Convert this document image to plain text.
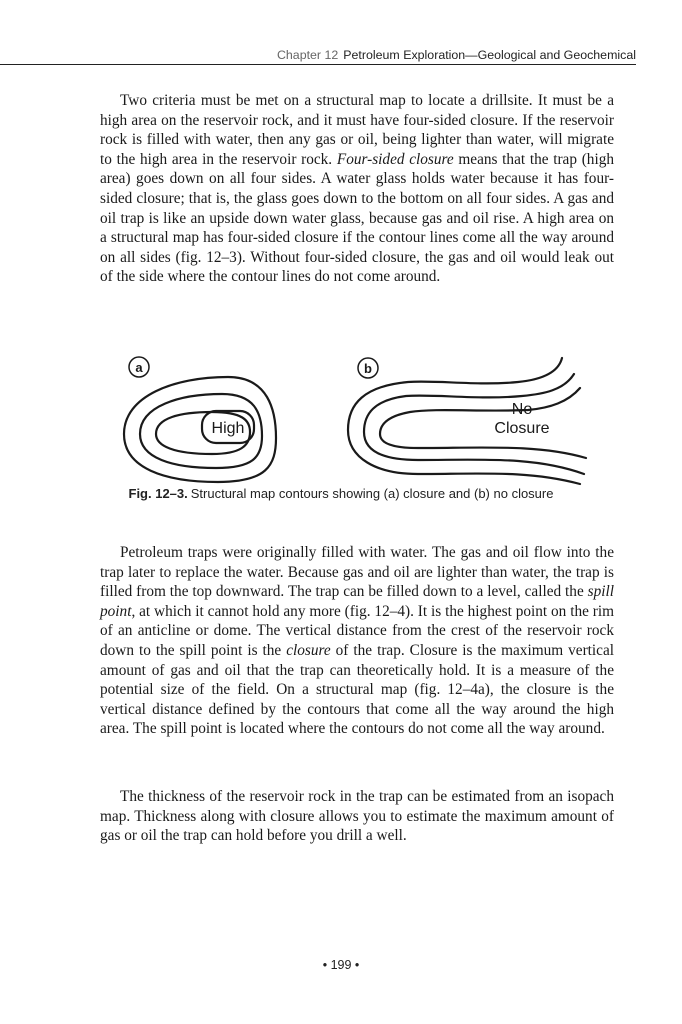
Chapter 12 Petroleum Exploration—Geological and Geochemical

Two criteria must be met on a structural map to locate a drillsite. It must be a high area on the reservoir rock, and it must have four-sided closure. If the reservoir rock is filled with water, then any gas or oil, being lighter than water, will migrate to the high area in the reservoir rock. Four-sided closure means that the trap (high area) goes down on all four sides. A water glass holds water because it has four-sided closure; that is, the glass goes down to the bottom on all four sides. A gas and oil trap is like an upside down water glass, because gas and oil rise. A high area on a structural map has four-sided closure if the contour lines come all the way around on all sides (fig. 12–3). Without four-sided closure, the gas and oil would leak out of the side where the contour lines do not come around.

a	b
High
No
Closure
Fig. 12–3. Structural map contours showing (a) closure and (b) no closure

Petroleum traps were originally filled with water. The gas and oil flow into the trap later to replace the water. Because gas and oil are lighter than water, the trap is filled from the top downward. The trap can be filled down to a level, called the spill point, at which it cannot hold any more (fig. 12–4). It is the highest point on the rim of an anticline or dome. The vertical distance from the crest of the reservoir rock down to the spill point is the closure of the trap. Closure is the maximum vertical amount of gas and oil that the trap can theoretically hold. It is a measure of the potential size of the field. On a structural map (fig. 12–4a), the closure is the vertical distance defined by the contours that come all the way around the high area. The spill point is located where the contours do not come all the way around.

The thickness of the reservoir rock in the trap can be estimated from an isopach map. Thickness along with closure allows you to estimate the maximum amount of gas or oil the trap can hold before you drill a well.

• 199 •
